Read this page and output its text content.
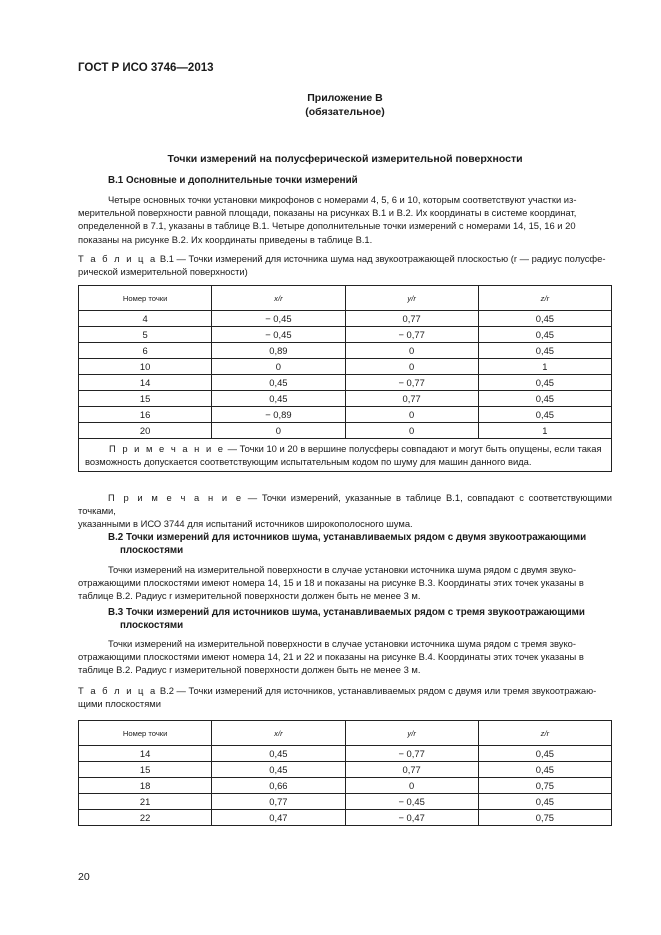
ГОСТ Р ИСО 3746—2013
Приложение В
(обязательное)
Точки измерений на полусферической измерительной поверхности
В.1 Основные и дополнительные точки измерений
Четыре основных точки установки микрофонов с номерами 4, 5, 6 и 10, которым соответствуют участки из-
мерительной поверхности равной площади, показаны на рисунках В.1 и В.2. Их координаты в системе координат,
определенной в 7.1, указаны в таблице В.1. Четыре дополнительные точки измерений с номерами 14, 15, 16 и 20
показаны на рисунке В.2. Их координаты приведены в таблице В.1.
Т а б л и ц а В.1 — Точки измерений для источника шума над звукоотражающей плоскостью (r — радиус полусфе-
рической измерительной поверхности)
Номер точки	x/r	y/r	z/r
4	− 0,45	0,77	0,45
5	− 0,45	− 0,77	0,45
6	0,89	0	0,45
10	0	0	1
14	0,45	− 0,77	0,45
15	0,45	0,77	0,45
16	− 0,89	0	0,45
20	0	0	1

П р и м е ч а н и е — Точки 10 и 20 в вершине полусферы совпадают и могут быть опущены, если такая
возможность допускается соответствующим испытательным кодом по шуму для машин данного вида.			
П р и м е ч а н и е — Точки измерений, указанные в таблице В.1, совпадают с соответствующими точками,
указанными в ИСО 3744 для испытаний источников широкополосного шума.
В.2 Точки измерений для источников шума, устанавливаемых рядом с двумя звукоотражающими
плоскостями
Точки измерений на измерительной поверхности в случае установки источника шума рядом с двумя звуко-
отражающими плоскостями имеют номера 14, 15 и 18 и показаны на рисунке В.3. Координаты этих точек указаны в
таблице В.2. Радиус r измерительной поверхности должен быть не менее 3 м.
В.3 Точки измерений для источников шума, устанавливаемых рядом с тремя звукоотражающими
плоскостями
Точки измерений на измерительной поверхности в случае установки источника шума рядом с тремя звуко-
отражающими плоскостями имеют номера 14, 21 и 22 и показаны на рисунке В.4. Координаты этих точек указаны в
таблице В.2. Радиус r измерительной поверхности должен быть не менее 3 м.
Т а б л и ц а В.2 — Точки измерений для источников, устанавливаемых рядом с двумя или тремя звукоотражаю-
щими плоскостями
Номер точки	x/r	y/r	z/r
14	0,45	− 0,77	0,45
15	0,45	0,77	0,45
18	0,66	0	0,75
21	0,77	− 0,45	0,45
22	0,47	− 0,47	0,75
20
